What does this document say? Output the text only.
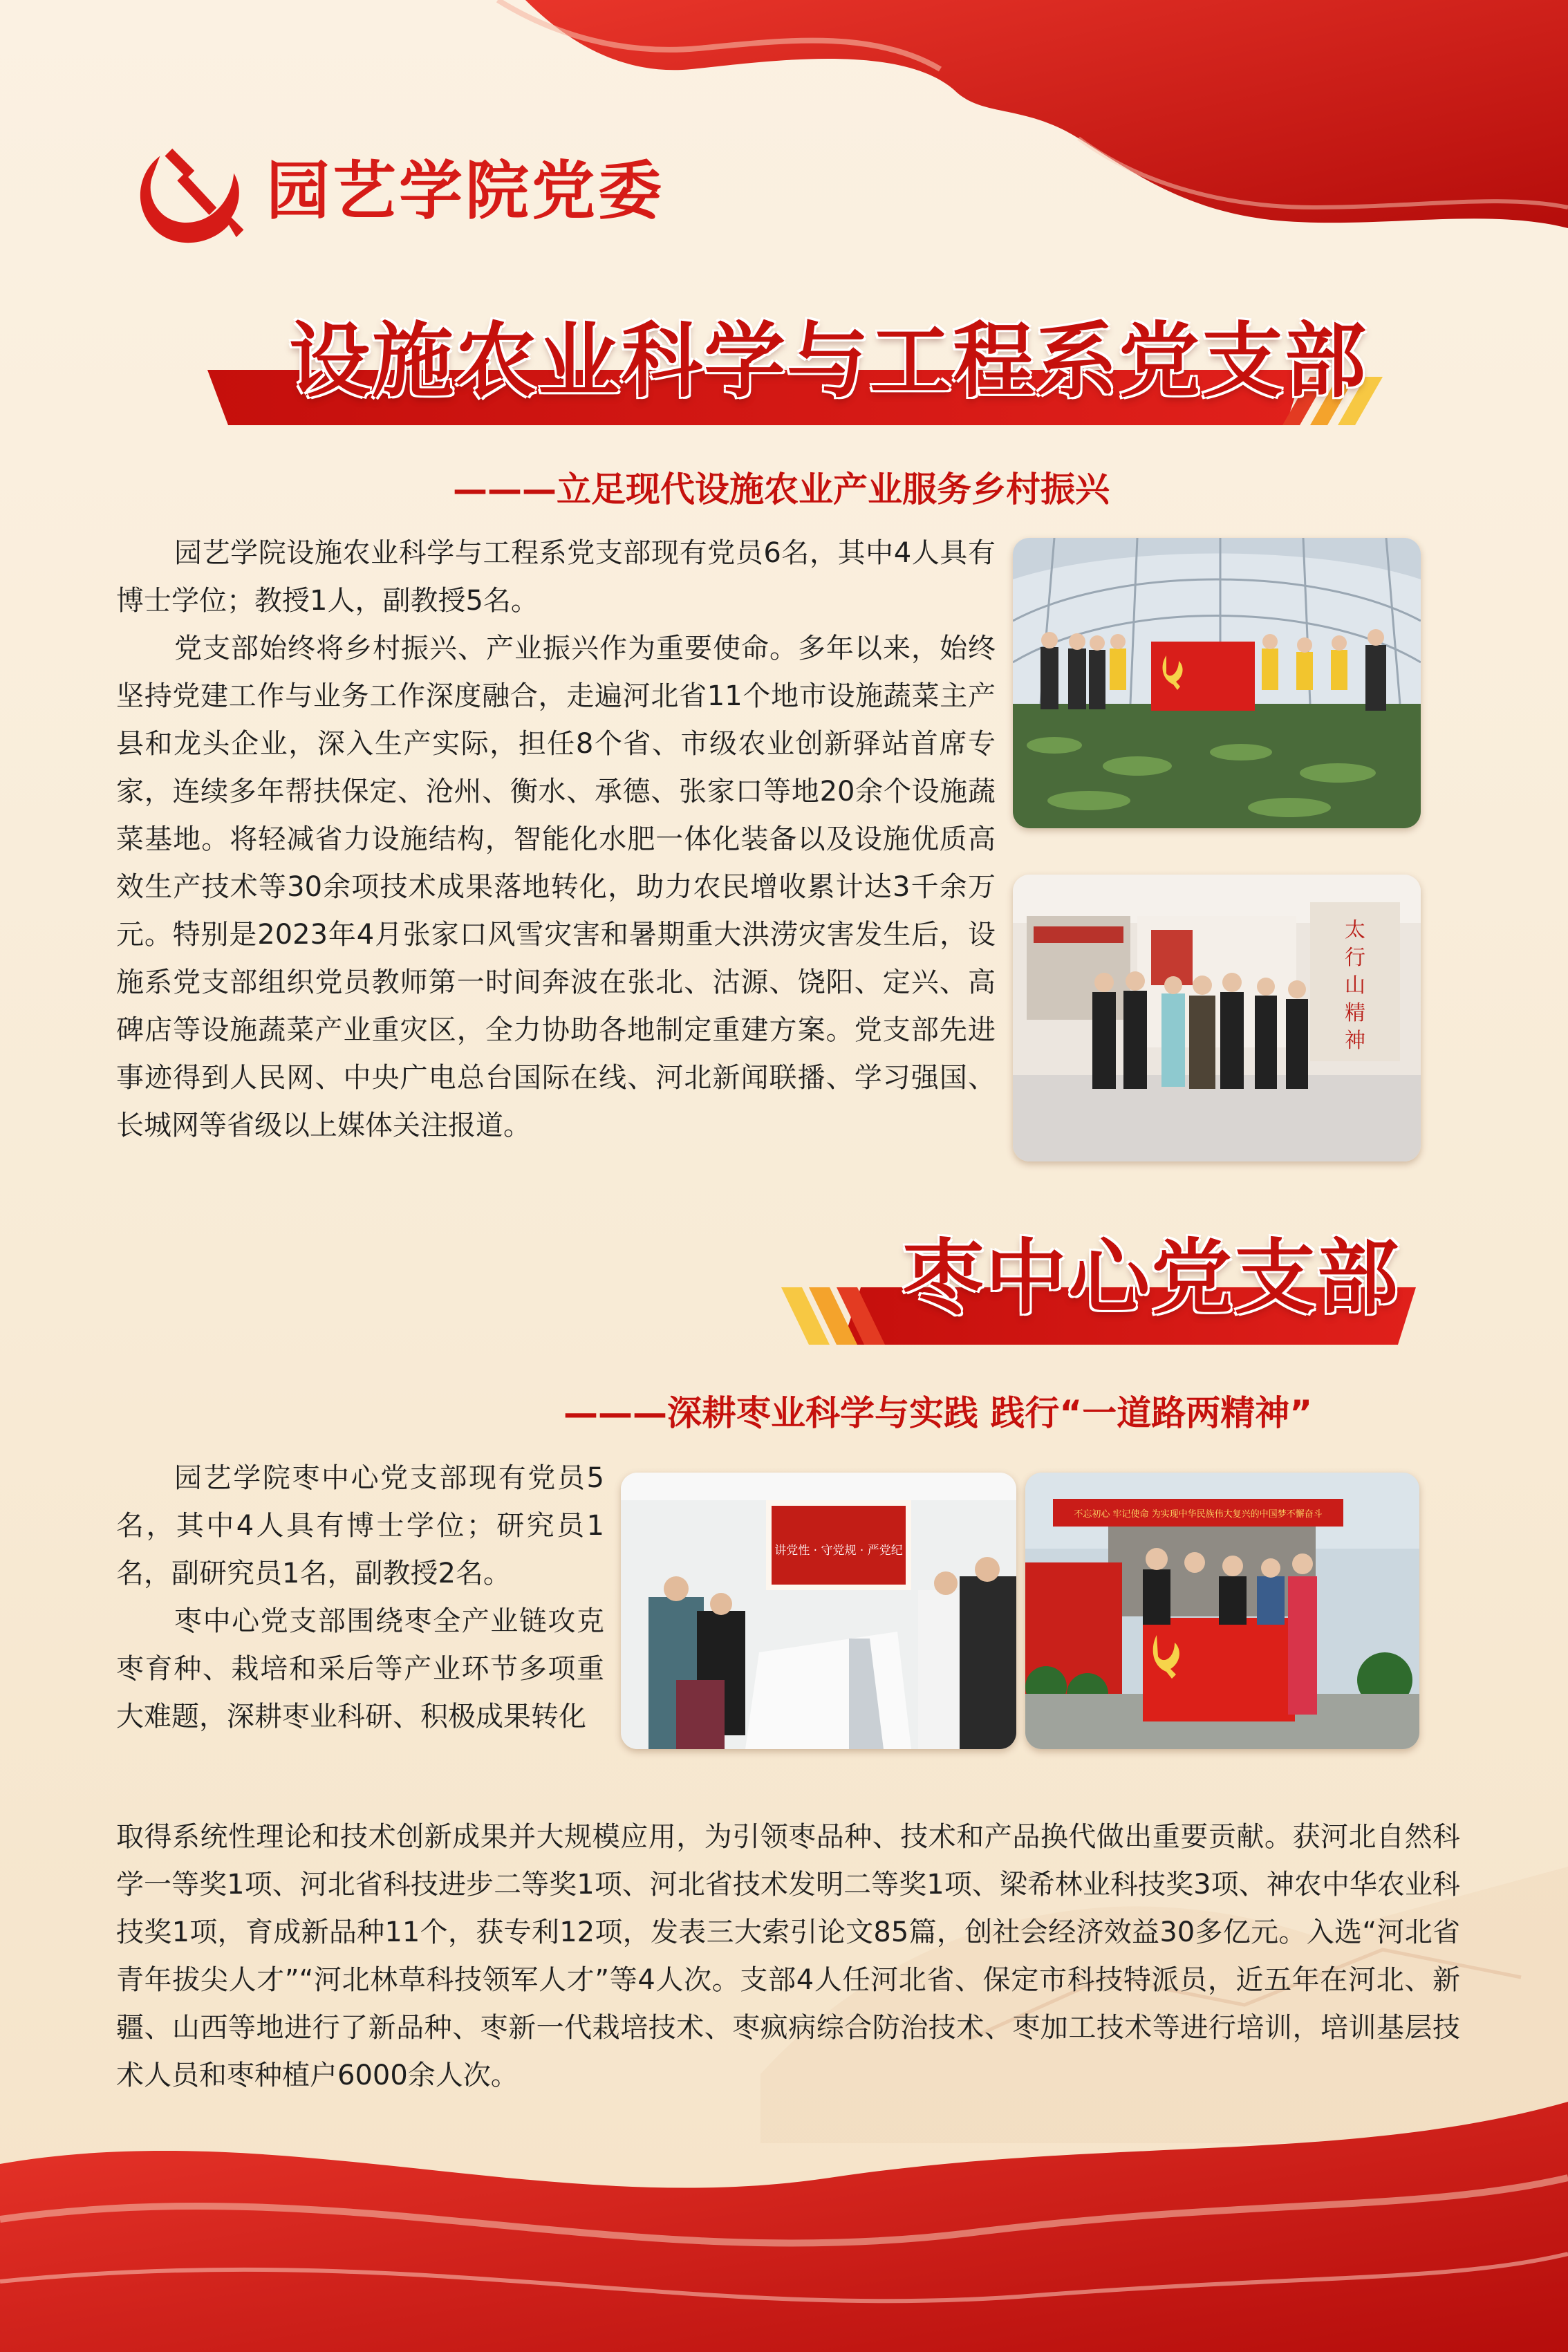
园艺学院党委
设施农业科学与工程系党支部
———立足现代设施农业产业服务乡村振兴

园艺学院设施农业科学与工程系党支部现有党员6名，其中4人具有博士学位；教授1人，副教授5名。

党支部始终将乡村振兴、产业振兴作为重要使命。多年以来，始终坚持党建工作与业务工作深度融合，走遍河北省11个地市设施蔬菜主产县和龙头企业，深入生产实际，担任8个省、市级农业创新驿站首席专家，连续多年帮扶保定、沧州、衡水、承德、张家口等地20余个设施蔬菜基地。将轻减省力设施结构，智能化水肥一体化装备以及设施优质高效生产技术等30余项技术成果落地转化，助力农民增收累计达3千余万元。特别是2023年4月张家口风雪灾害和暑期重大洪涝灾害发生后，设施系党支部组织党员教师第一时间奔波在张北、沽源、饶阳、定兴、高碑店等设施蔬菜产业重灾区，全力协助各地制定重建方案。党支部先进事迹得到人民网、中央广电总台国际在线、河北新闻联播、学习强国、长城网等省级以上媒体关注报道。

太
行
山
精
神
枣中心党支部
———深耕枣业科学与实践 践行“一道路两精神”

园艺学院枣中心党支部现有党员5名，其中4人具有博士学位；研究员1名，副研究员1名，副教授2名。

枣中心党支部围绕枣全产业链攻克枣育种、栽培和采后等产业环节多项重大难题，深耕枣业科研、积极成果转化

取得系统性理论和技术创新成果并大规模应用，为引领枣品种、技术和产品换代做出重要贡献。获河北自然科学一等奖1项、河北省科技进步二等奖1项、河北省技术发明二等奖1项、梁希林业科技奖3项、神农中华农业科技奖1项，育成新品种11个，获专利12项，发表三大索引论文85篇，创社会经济效益30多亿元。入选“河北省青年拔尖人才”“河北林草科技领军人才”等4人次。支部4人任河北省、保定市科技特派员，近五年在河北、新疆、山西等地进行了新品种、枣新一代栽培技术、枣疯病综合防治技术、枣加工技术等进行培训，培训基层技术人员和枣种植户6000余人次。

讲党性 · 守党规 · 严党纪
不忘初心 牢记使命 为实现中华民族伟大复兴的中国梦不懈奋斗
